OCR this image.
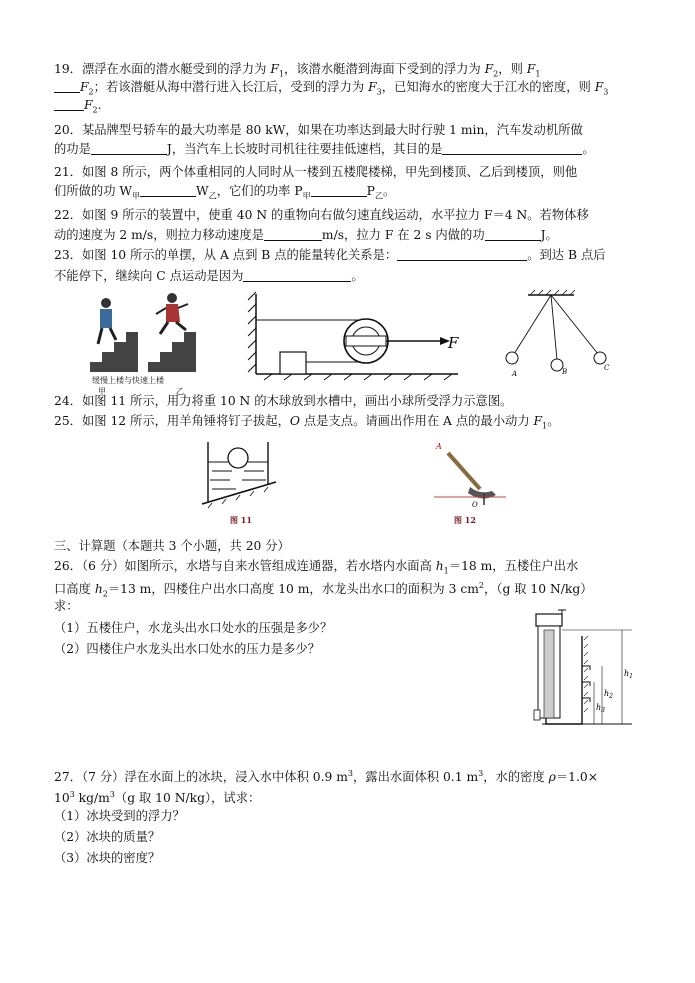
19．漂浮在水面的潜水艇受到的浮力为 $F_1$，该潜水艇潜到海面下受到的浮力为 $F_2$，则 $F_1$
$F_2$；若该潜艇从海中潜行进入长江后，受到的浮力为 $F_3$，已知海水的密度大于江水的密度，则 $F_3$
$F_2$.
20．某品牌型号轿车的最大功率是 80 kW，如果在功率达到最大时行驶 1 min，汽车发动机所做
的功是	J，当汽车上长坡时司机往往要挂低速档，其目的是	。
21．如图 8 所示，两个体重相同的人同时从一楼到五楼爬楼梯，甲先到楼顶、乙后到楼顶，则他
们所做的功 $W_甲$	$W_乙$，它们的功率 $P_甲$	$P_乙$。
22．如图 9 所示的装置中，使重 40 N 的重物向右做匀速直线运动，水平拉力 F＝4 N。若物体移
动的速度为 2 m/s，则拉力移动速度是	m/s，拉力 F 在 2 s 内做的功	J。
23．如图 10 所示的单摆，从 A 点到 B 点的能量转化关系是：	。到达 B 点后
不能停下，继续向 C 点运动是因为	。
缓慢上楼与快速上楼
甲	乙
F
A	B	C
24．如图 11 所示，用力将重 10 N 的木球放到水槽中，画出小球所受浮力示意图。
25．如图 12 所示，用羊角锤将钉子拔起，O 点是支点。请画出作用在 A 点的最小动力 $F_1$。
图 11
A
O
图 12
三、计算题（本题共 3 个小题，共 20 分）
26．（6 分）如图所示，水塔与自来水管组成连通器，若水塔内水面高 $h_1=18$ m，五楼住户出水
口高度 $h_2=13$ m，四楼住户出水口高度 10 m，水龙头出水口的面积为 3 $cm^2$，（g 取 10 N/kg）
求：
（1）五楼住户，水龙头出水口处水的压强是多少？
（2）四楼住户水龙头出水口处水的压力是多少？
$h_1$
$h_2$
$h_3$
27．（7 分）浮在水面上的冰块，浸入水中体积 0.9 $m^3$，露出水面体积 0.1 $m^3$，水的密度 ρ＝1.0×
$10^3$ $kg/m^3(g$ 取 10 N/kg），试求：
（1）冰块受到的浮力？
（2）冰块的质量？
（3）冰块的密度？
